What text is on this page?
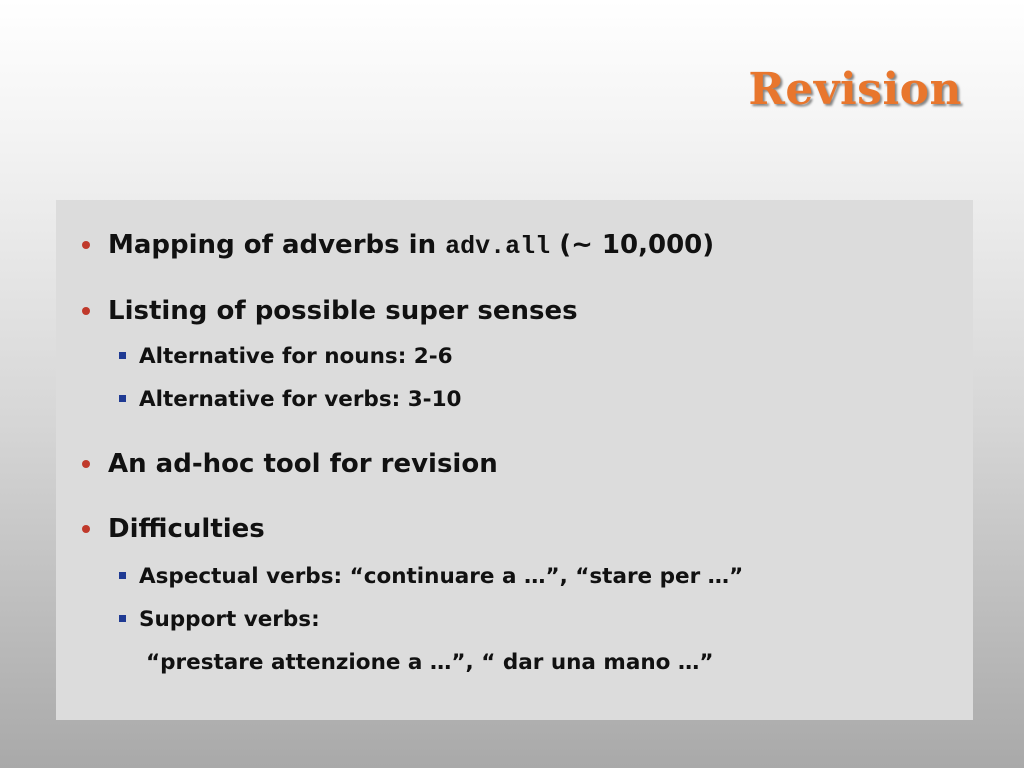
Revision
Mapping of adverbs in adv.all (~ 10,000)
Listing of possible super senses
Alternative for nouns: 2-6
Alternative for verbs: 3-10
An ad-hoc tool for revision
Difficulties
Aspectual verbs: “continuare a …”, “stare per …”
Support verbs:
“prestare attenzione a …”, “ dar una mano …”
